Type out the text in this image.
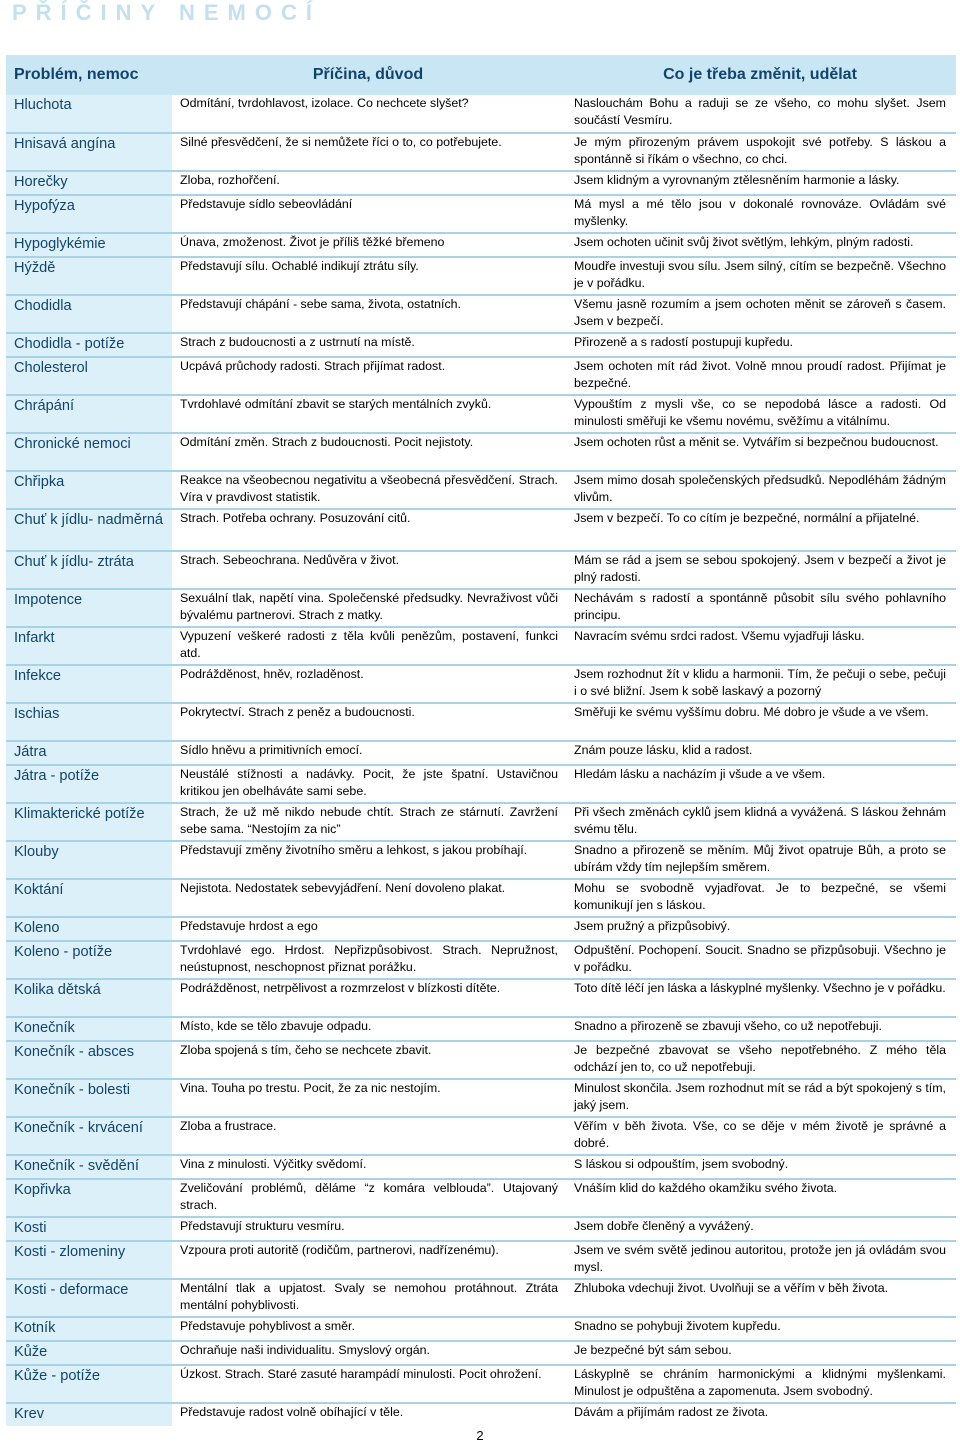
PŘÍČINY NEMOCÍ
Problém, nemoc	Příčina, důvod	Co je třeba změnit, udělat
Hluchota	Odmítání, tvrdohlavost, izolace. Co nechcete slyšet?	Naslouchám Bohu a raduji se ze všeho, co mohu slyšet. Jsem součástí Vesmíru.
Hnisavá angína	Silné přesvědčení, že si nemůžete říci o to, co potřebujete.	Je mým přirozeným právem uspokojit své potřeby. S láskou a spontánně si říkám o všechno, co chci.
Horečky	Zloba, rozhořčení.	Jsem klidným a vyrovnaným ztělesněním harmonie a lásky.
Hypofýza	Představuje sídlo sebeovládání	Má mysl a mé tělo jsou v dokonalé rovnováze. Ovládám své myšlenky.
Hypoglykémie	Únava, zmoženost. Život je příliš těžké břemeno	Jsem ochoten učinit svůj život světlým, lehkým, plným radosti.
Hýždě	Představují sílu. Ochablé indikují ztrátu síly.	Moudře investuji svou sílu. Jsem silný, cítím se bezpečně. Všechno je v pořádku.
Chodidla	Představují chápání - sebe sama, života, ostatních.	Všemu jasně rozumím a jsem ochoten měnit se zároveň s časem. Jsem v bezpečí.
Chodidla - potíže	Strach z budoucnosti a z ustrnutí na místě.	Přirozeně a s radostí postupuji kupředu.
Cholesterol	Ucpává průchody radosti. Strach přijímat radost.	Jsem ochoten mít rád život. Volně mnou proudí radost. Přijímat je bezpečné.
Chrápání	Tvrdohlavé odmítání zbavit se starých mentálních zvyků.	Vypouštím z mysli vše, co se nepodobá lásce a radosti. Od minulosti směřuji ke všemu novému, svěžímu a vitálnímu.
Chronické nemoci	Odmítání změn. Strach z budoucnosti. Pocit nejistoty.	Jsem ochoten růst a měnit se. Vytvářím si bezpečnou budoucnost.
Chřipka	Reakce na všeobecnou negativitu a všeobecná přesvědčení. Strach. Víra v pravdivost statistik.	Jsem mimo dosah společenských předsudků. Nepodléhám žádným vlivům.
Chuť k jídlu- nadměrná	Strach. Potřeba ochrany. Posuzování citů.	Jsem v bezpečí. To co cítím je bezpečné, normální a přijatelné.
Chuť k jídlu- ztráta	Strach. Sebeochrana. Nedůvěra v život.	Mám se rád a jsem se sebou spokojený. Jsem v bezpečí a život je plný radosti.
Impotence	Sexuální tlak, napětí vina. Společenské předsudky. Nevraživost vůči bývalému partnerovi. Strach z matky.	Nechávám s radostí a spontánně působit sílu svého pohlavního principu.
Infarkt	Vypuzení veškeré radosti z těla kvůli penězům, postavení, funkci atd.	Navracím svému srdci radost. Všemu vyjadřuji lásku.
Infekce	Podrážděnost, hněv, rozladěnost.	Jsem rozhodnut žít v klidu a harmonii. Tím, že pečuji o sebe, pečuji i o své bližní. Jsem k sobě laskavý a pozorný
Ischias	Pokrytectví. Strach z peněz a budoucnosti.	Směřuji ke svému vyššímu dobru. Mé dobro je všude a ve všem.
Játra	Sídlo hněvu a primitivních emocí.	Znám pouze lásku, klid a radost.
Játra - potíže	Neustálé stížnosti a nadávky. Pocit, že jste špatní. Ustavičnou kritikou jen obelháváte sami sebe.	Hledám lásku a nacházím ji všude a ve všem.
Klimakterické potíže	Strach, že už mě nikdo nebude chtít. Strach ze stárnutí. Zavržení sebe sama. “Nestojím za nic”	Při všech změnách cyklů jsem klidná a vyvážená. S láskou žehnám svému tělu.
Klouby	Představují změny životního směru a lehkost, s jakou probíhají.	Snadno a přirozeně se měním. Můj život opatruje Bůh, a proto se ubírám vždy tím nejlepším směrem.
Koktání	Nejistota. Nedostatek sebevyjádření. Není dovoleno plakat.	Mohu se svobodně vyjadřovat. Je to bezpečné, se všemi komunikují jen s láskou.
Koleno	Představuje hrdost a ego	Jsem pružný a přizpůsobivý.
Koleno - potíže	Tvrdohlavé ego. Hrdost. Nepřizpůsobivost. Strach. Nepružnost, neústupnost, neschopnost přiznat porážku.	Odpuštění. Pochopení. Soucit. Snadno se přizpůsobuji. Všechno je v pořádku.
Kolika dětská	Podrážděnost, netrpělivost a rozmrzelost v blízkosti dítěte.	Toto dítě léčí jen láska a láskyplné myšlenky. Všechno je v pořádku.
Konečník	Místo, kde se tělo zbavuje odpadu.	Snadno a přirozeně se zbavuji všeho, co už nepotřebuji.
Konečník - absces	Zloba spojená s tím, čeho se nechcete zbavit.	Je bezpečné zbavovat se všeho nepotřebného. Z mého těla odchází jen to, co už nepotřebuji.
Konečník - bolesti	Vina. Touha po trestu. Pocit, že za nic nestojím.	Minulost skončila. Jsem rozhodnut mít se rád a být spokojený s tím, jaký jsem.
Konečník - krvácení	Zloba a frustrace.	Věřím v běh života. Vše, co se děje v mém životě je správné a dobré.
Konečník - svědění	Vina z minulosti. Výčitky svědomí.	S láskou si odpouštím, jsem svobodný.
Kopřivka	Zveličování problémů, děláme “z komára velblouda”. Utajovaný strach.	Vnáším klid do každého okamžiku svého života.
Kosti	Představují strukturu vesmíru.	Jsem dobře členěný a vyvážený.
Kosti - zlomeniny	Vzpoura proti autoritě (rodičům, partnerovi, nadřízenému).	Jsem ve svém světě jedinou autoritou, protože jen já ovládám svou mysl.
Kosti - deformace	Mentální tlak a upjatost. Svaly se nemohou protáhnout. Ztráta mentální pohyblivosti.	Zhluboka vdechuji život. Uvolňuji se a věřím v běh života.
Kotník	Představuje pohyblivost a směr.	Snadno se pohybuji životem kupředu.
Kůže	Ochraňuje naši individualitu. Smyslový orgán.	Je bezpečné být sám sebou.
Kůže - potíže	Úzkost. Strach. Staré zasuté harampádí minulosti. Pocit ohrožení.	Láskyplně se chráním harmonickými a klidnými myšlenkami. Minulost je odpuštěna a zapomenuta. Jsem svobodný.
Krev	Představuje radost volně obíhající v těle.	Dávám a přijímám radost ze života.
2
